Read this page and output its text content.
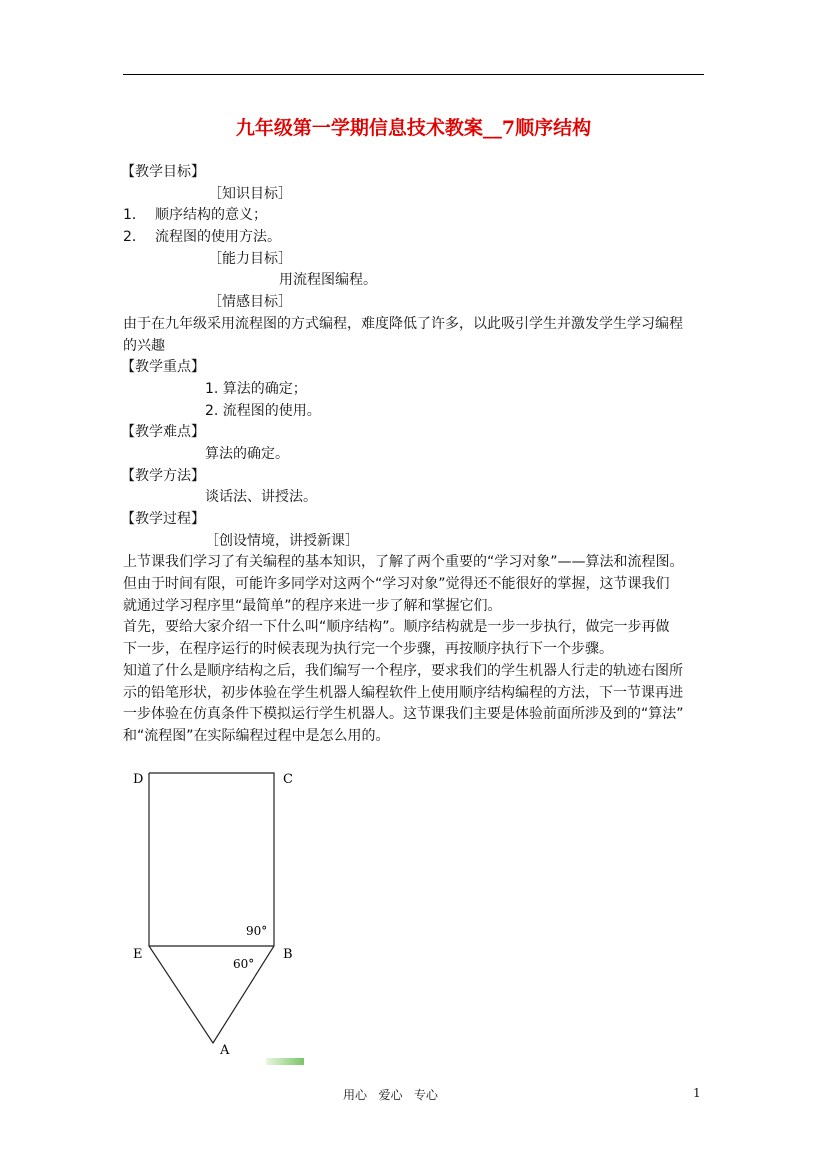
九年级第一学期信息技术教案__7顺序结构
【教学目标】
［知识目标］
1． 顺序结构的意义；
2． 流程图的使用方法。
［能力目标］
用流程图编程。
［情感目标］
由于在九年级采用流程图的方式编程，难度降低了许多，以此吸引学生并激发学生学习编程
的兴趣
【教学重点】
1. 算法的确定；
2. 流程图的使用。
【教学难点】
算法的确定。
【教学方法】
谈话法、讲授法。
【教学过程】
［创设情境，讲授新课］
上节课我们学习了有关编程的基本知识，了解了两个重要的“学习对象”——算法和流程图。
但由于时间有限，可能许多同学对这两个“学习对象”觉得还不能很好的掌握，这节课我们
就通过学习程序里“最简单”的程序来进一步了解和掌握它们。
首先，要给大家介绍一下什么叫“顺序结构”。顺序结构就是一步一步执行，做完一步再做
下一步，在程序运行的时候表现为执行完一个步骤，再按顺序执行下一个步骤。
知道了什么是顺序结构之后，我们编写一个程序，要求我们的学生机器人行走的轨迹右图所
示的铅笔形状，初步体验在学生机器人编程软件上使用顺序结构编程的方法，下一节课再进
一步体验在仿真条件下模拟运行学生机器人。这节课我们主要是体验前面所涉及到的“算法”
和“流程图”在实际编程过程中是怎么用的。
D	C
E	B
A
90°
60°
用心   爱心   专心	1
